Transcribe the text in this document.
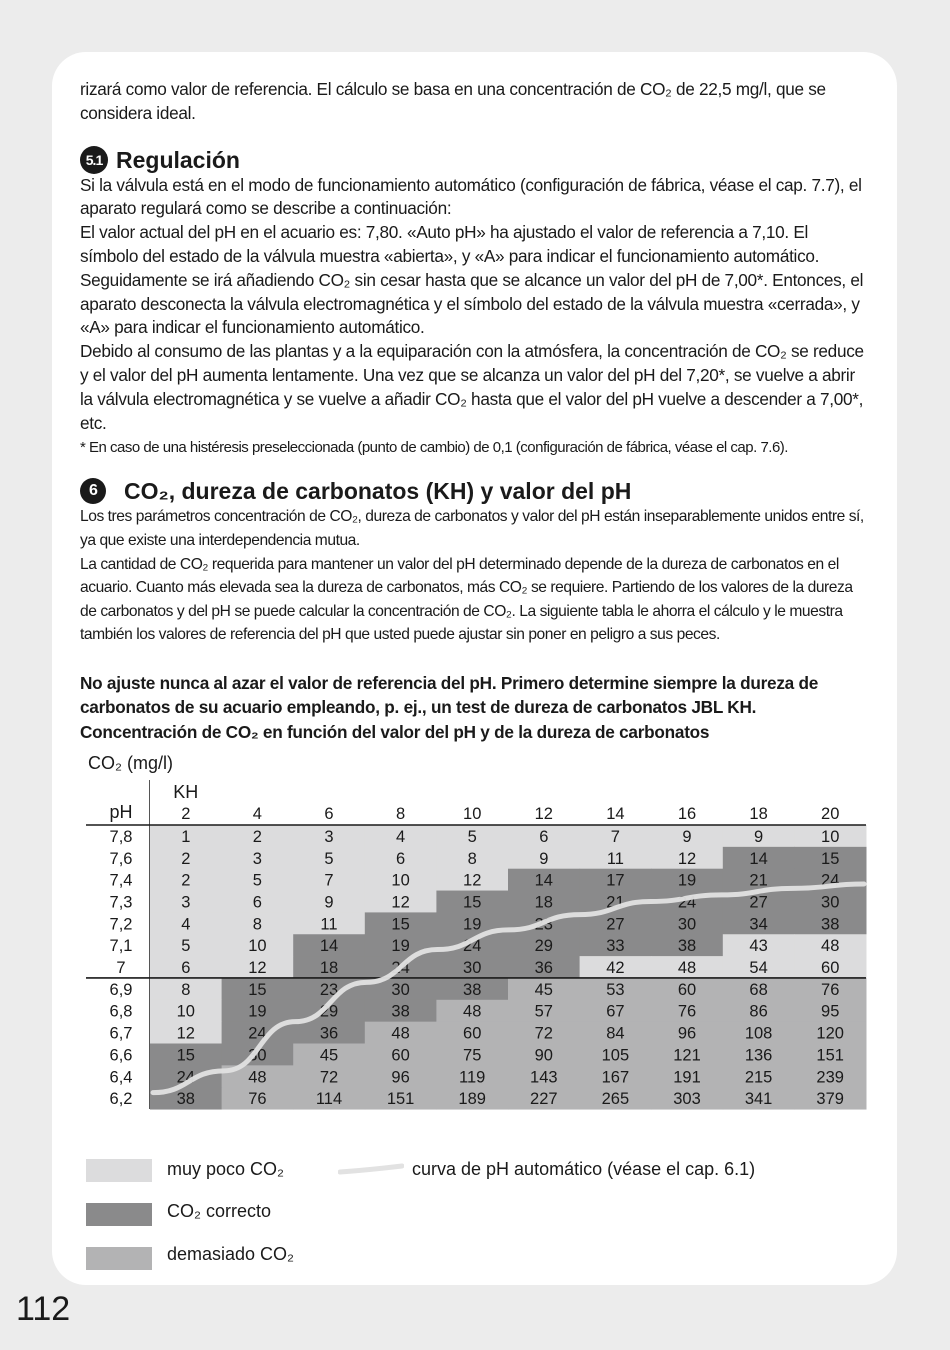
112

rizará como valor de referencia. El cálculo se basa en una concentración de CO₂ de 22,5 mg/l, que se considera ideal.

5.1 Regulación

Si la válvula está en el modo de funcionamiento automático (configuración de fábrica, véase el cap. 7.7), el aparato regulará como se describe a continuación:

El valor actual del pH en el acuario es: 7,80. «Auto pH» ha ajustado el valor de referencia a 7,10. El símbolo del estado de la válvula muestra «abierta», y «A» para indicar el funcionamiento automático. Seguidamente se irá añadiendo CO₂ sin cesar hasta que se alcance un valor del pH de 7,00*. Entonces, el aparato desconecta la válvula electromagnética y el símbolo del estado de la válvula muestra «cerrada», y «A» para indicar el funcionamiento automático.

Debido al consumo de las plantas y a la equiparación con la atmósfera, la concentración de CO₂ se reduce y el valor del pH aumenta lentamente. Una vez que se alcanza un valor del pH del 7,20*, se vuelve a abrir la válvula electromagnética y se vuelve a añadir CO₂ hasta que el valor del pH vuelve a descender a 7,00*, etc.

* En caso de una histéresis preseleccionada (punto de cambio) de 0,1 (configuración de fábrica, véase el cap. 7.6).

6	CO₂, dureza de carbonatos (KH) y valor del pH

Los tres parámetros concentración de CO₂, dureza de carbonatos y valor del pH están inseparablemente unidos entre sí, ya que existe una interdependencia mutua.

La cantidad de CO₂ requerida para mantener un valor del pH determinado depende de la dureza de carbonatos en el acuario. Cuanto más elevada sea la dureza de carbonatos, más CO₂ se requiere. Partiendo de los valores de la dureza de carbonatos y del pH se puede calcular la concentración de CO₂. La siguiente tabla le ahorra el cálculo y le muestra también los valores de referencia del pH que usted puede ajustar sin poner en peligro a sus peces.

No ajuste nunca al azar el valor de referencia del pH. Primero determine siempre la dureza de carbonatos de su acuario empleando, p. ej., un test de dureza de carbonatos JBL KH. Concentración de CO₂ en función del valor del pH y de la dureza de carbonatos

CO₂ (mg/l)
KH
pH	2	4	6	8	10	12	14	16	18	20
7,8	1	2	3	4	5	6	7	9	9	10
7,6	2	3	5	6	8	9	11	12	14	15
7,4	2	5	7	10	12	14	17	19	21	24
7,3	3	6	9	12	15	18	21	24	27	30
7,2	4	8	11	15	19	23	27	30	34	38
7,1	5	10	14	19	24	29	33	38	43	48
7	6	12	18	24	30	36	42	48	54	60
6,9	8	15	23	30	38	45	53	60	68	76
6,8	10	19	29	38	48	57	67	76	86	95
6,7	12	24	36	48	60	72	84	96	108	120
6,6	15	30	45	60	75	90	105	121	136	151
6,4	24	48	72	96	119	143	167	191	215	239
6,2	38	76	114	151	189	227	265	303	341	379
muy poco CO₂
CO₂ correcto
demasiado CO₂
curva de pH automático (véase el cap. 6.1)
